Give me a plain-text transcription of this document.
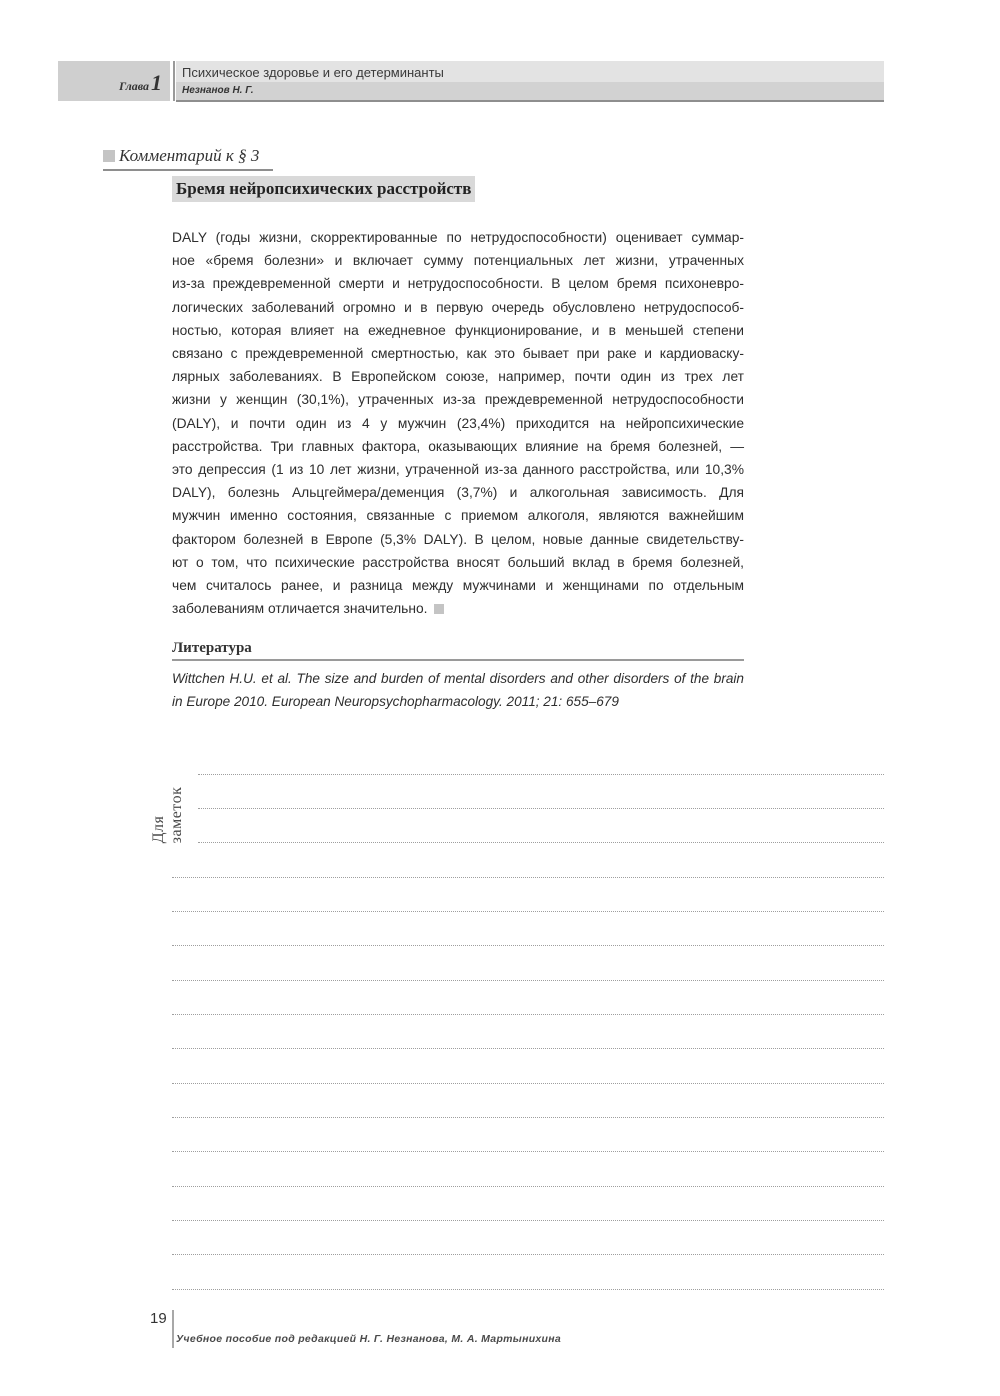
Глава1 Психическое здоровье и его детерминанты
Незнанов Н. Г.
Комментарий к § 3
Бремя нейропсихических расстройств
DALY (годы жизни, скорректированные по нетрудоспособности) оценивает суммар-
ное «бремя болезни» и включает сумму потенциальных лет жизни, утраченных
из-за преждевременной смерти и нетрудоспособности. В целом бремя психоневро-
логических заболеваний огромно и в первую очередь обусловлено нетрудоспособ-
ностью, которая влияет на ежедневное функционирование, и в меньшей степени
связано с преждевременной смертностью, как это бывает при раке и кардиоваску-
лярных заболеваниях. В Европейском союзе, например, почти один из трех лет
жизни у женщин (30,1%), утраченных из-за преждевременной нетрудоспособности
(DALY), и почти один из 4 у мужчин (23,4%) приходится на нейропсихические
расстройства. Три главных фактора, оказывающих влияние на бремя болезней, —
это депрессия (1 из 10 лет жизни, утраченной из-за данного расстройства, или 10,3%
DALY), болезнь Альцгеймера/деменция (3,7%) и алкогольная зависимость. Для
мужчин именно состояния, связанные с приемом алкоголя, являются важнейшим
фактором болезней в Европе (5,3% DALY). В целом, новые данные свидетельству-
ют о том, что психические расстройства вносят больший вклад в бремя болезней,
чем считалось ранее, и разница между мужчинами и женщинами по отдельным
заболеваниям отличается значительно.
Литература
Wittchen H.U. et al. The size and burden of mental disorders and other disorders of the brain
in Europe 2010. European Neuropsychopharmacology. 2011; 21: 655–679
Для заметок
19
Учебное пособие под редакцией Н. Г. Незнанова, М. А. Мартынихина
